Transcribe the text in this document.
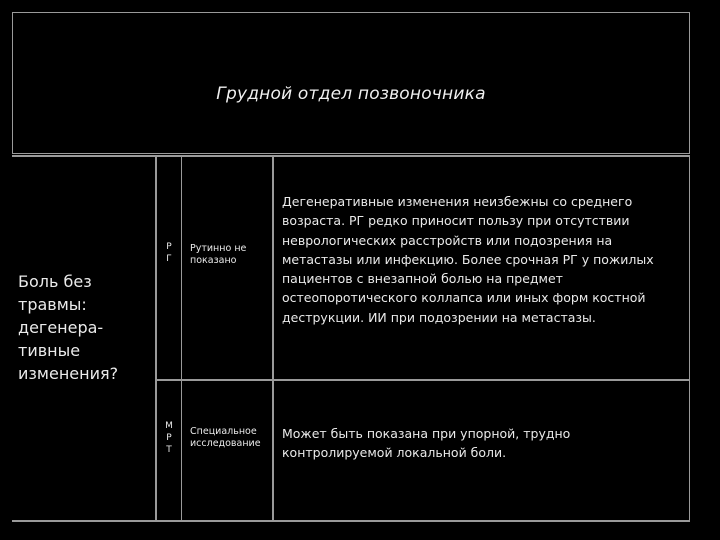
Грудной отдел позвоночника
Боль без травмы: дегенера-тивные изменения?
Р Г
Рутинно не показано
Дегенеративные изменения неизбежны со среднего возраста. РГ редко приносит пользу при отсутствии неврологических расстройств или подозрения на метастазы или инфекцию. Более срочная РГ у пожилых пациентов с внезапной болью на предмет остеопоротического коллапса или иных форм костной деструкции. ИИ при подозрении на метастазы.
М Р Т
Специальное исследование
Может быть показана при упорной, трудно контролируемой локальной боли.
